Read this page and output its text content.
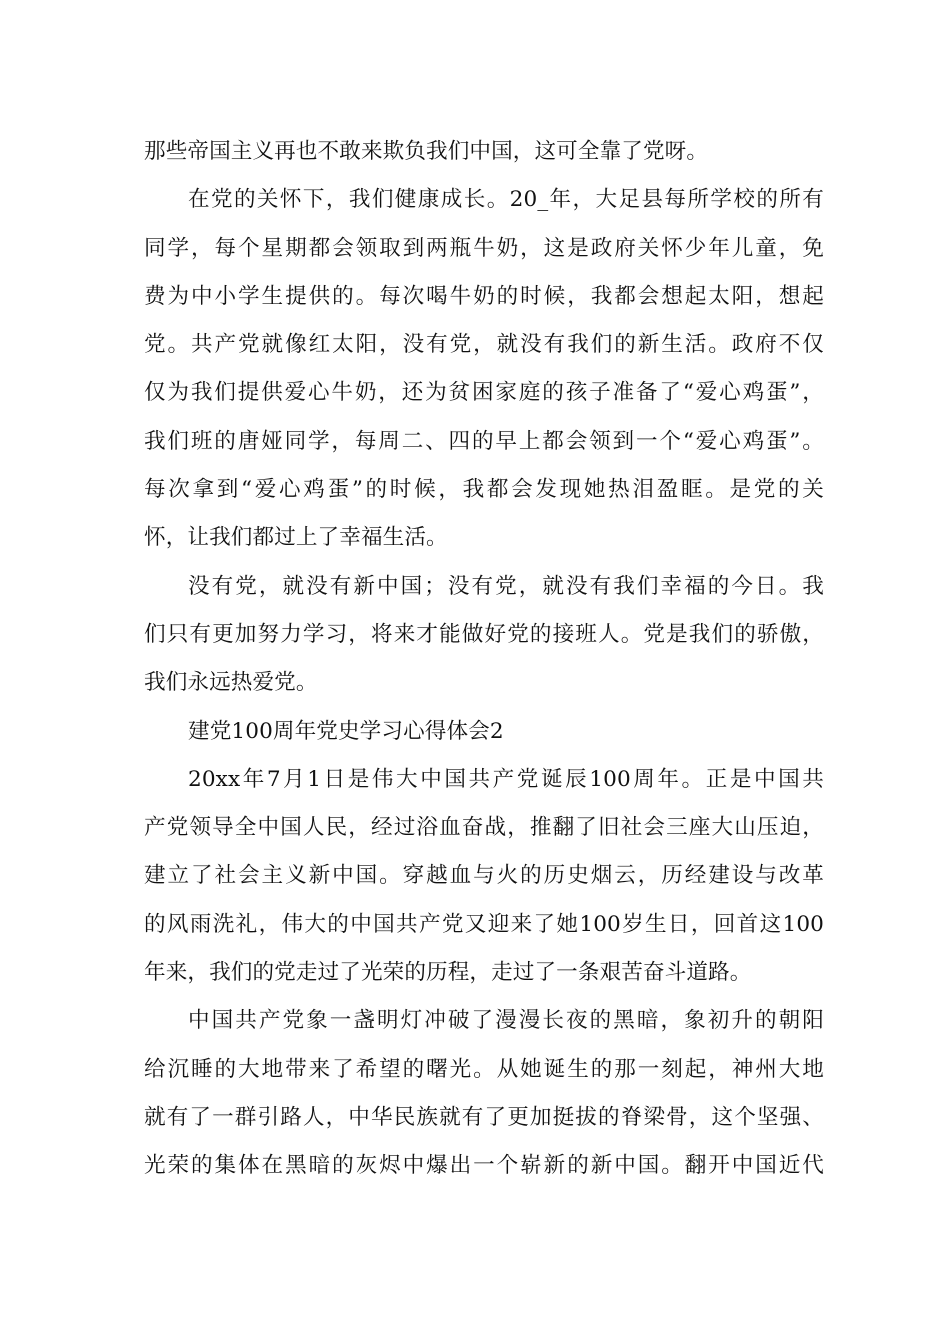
那些帝国主义再也不敢来欺负我们中国，这可全靠了党呀。
在党的关怀下，我们健康成长。20_年，大足县每所学校的所有
同学，每个星期都会领取到两瓶牛奶，这是政府关怀少年儿童，免
费为中小学生提供的。每次喝牛奶的时候，我都会想起太阳，想起
党。共产党就像红太阳，没有党，就没有我们的新生活。政府不仅
仅为我们提供爱心牛奶，还为贫困家庭的孩子准备了“爱心鸡蛋”，
我们班的唐娅同学，每周二、四的早上都会领到一个“爱心鸡蛋”。
每次拿到“爱心鸡蛋”的时候，我都会发现她热泪盈眶。是党的关
怀，让我们都过上了幸福生活。
没有党，就没有新中国；没有党，就没有我们幸福的今日。我
们只有更加努力学习，将来才能做好党的接班人。党是我们的骄傲，
我们永远热爱党。
建党100周年党史学习心得体会2
20xx年7月1日是伟大中国共产党诞辰100周年。正是中国共
产党领导全中国人民，经过浴血奋战，推翻了旧社会三座大山压迫，
建立了社会主义新中国。穿越血与火的历史烟云，历经建设与改革
的风雨洗礼，伟大的中国共产党又迎来了她100岁生日，回首这100
年来，我们的党走过了光荣的历程，走过了一条艰苦奋斗道路。
中国共产党象一盏明灯冲破了漫漫长夜的黑暗，象初升的朝阳
给沉睡的大地带来了希望的曙光。从她诞生的那一刻起，神州大地
就有了一群引路人，中华民族就有了更加挺拔的脊梁骨，这个坚强、
光荣的集体在黑暗的灰烬中爆出一个崭新的新中国。翻开中国近代
